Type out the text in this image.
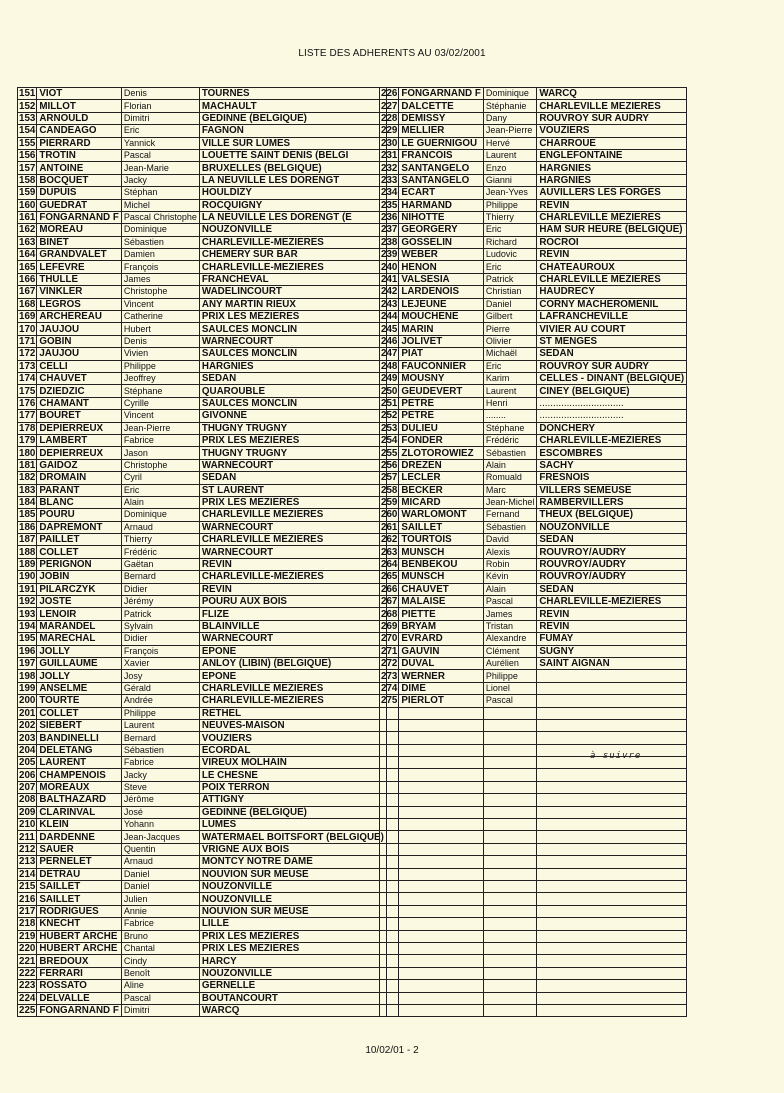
LISTE DES ADHERENTS AU 03/02/2001
151	VIOT	Denis	TOURNES
152	MILLOT	Florian	MACHAULT
153	ARNOULD	Dimitri	GEDINNE (BELGIQUE)
154	CANDEAGO	Eric	FAGNON
155	PIERRARD	Yannick	VILLE SUR LUMES
156	TROTIN	Pascal	LOUETTE SAINT DENIS (BELGI
157	ANTOINE	Jean-Marie	BRUXELLES (BELGIQUE)
158	BOCQUET	Jacky	LA NEUVILLE LES DORENGT
159	DUPUIS	Stéphan	HOULDIZY
160	GUEDRAT	Michel	ROCQUIGNY
161	FONGARNAND F	Pascal Christophe	LA NEUVILLE LES DORENGT (E
162	MOREAU	Dominique	NOUZONVILLE
163	BINET	Sébastien	CHARLEVILLE-MEZIERES
164	GRANDVALET	Damien	CHEMERY SUR BAR
165	LEFEVRE	François	CHARLEVILLE-MEZIERES
166	THULLE	James	FRANCHEVAL
167	VINKLER	Christophe	WADELINCOURT
168	LEGROS	Vincent	ANY MARTIN RIEUX
169	ARCHEREAU	Catherine	PRIX LES MEZIERES
170	JAUJOU	Hubert	SAULCES MONCLIN
171	GOBIN	Denis	WARNECOURT
172	JAUJOU	Vivien	SAULCES MONCLIN
173	CELLI	Philippe	HARGNIES
174	CHAUVET	Jeoffrey	SEDAN
175	DZIEDZIC	Stéphane	QUAROUBLE
176	CHAMANT	Cyrille	SAULCES MONCLIN
177	BOURET	Vincent	GIVONNE
178	DEPIERREUX	Jean-Pierre	THUGNY TRUGNY
179	LAMBERT	Fabrice	PRIX LES MEZIERES
180	DEPIERREUX	Jason	THUGNY TRUGNY
181	GAIDOZ	Christophe	WARNECOURT
182	DROMAIN	Cyril	SEDAN
183	PARANT	Eric	ST LAURENT
184	BLANC	Alain	PRIX LES MEZIERES
185	POURU	Dominique	CHARLEVILLE MEZIERES
186	DAPREMONT	Arnaud	WARNECOURT
187	PAILLET	Thierry	CHARLEVILLE MEZIERES
188	COLLET	Frédéric	WARNECOURT
189	PERIGNON	Gaëtan	REVIN
190	JOBIN	Bernard	CHARLEVILLE-MEZIERES
191	PILARCZYK	Didier	REVIN
192	JOSTE	Jérémy	POURU AUX BOIS
193	LENOIR	Patrick	FLIZE
194	MARANDEL	Sylvain	BLAINVILLE
195	MARECHAL	Didier	WARNECOURT
196	JOLLY	François	EPONE
197	GUILLAUME	Xavier	ANLOY (LIBIN) (BELGIQUE)
198	JOLLY	Josy	EPONE
199	ANSELME	Gérald	CHARLEVILLE MEZIERES
200	TOURTE	Andrée	CHARLEVILLE-MEZIERES
201	COLLET	Philippe	RETHEL
202	SIEBERT	Laurent	NEUVES-MAISON
203	BANDINELLI	Bernard	VOUZIERS
204	DELETANG	Sébastien	ECORDAL
205	LAURENT	Fabrice	VIREUX MOLHAIN
206	CHAMPENOIS	Jacky	LE CHESNE
207	MOREAUX	Steve	POIX TERRON
208	BALTHAZARD	Jérôme	ATTIGNY
209	CLARINVAL	José	GEDINNE (BELGIQUE)
210	KLEIN	Yohann	LUMES
211	DARDENNE	Jean-Jacques	WATERMAEL BOITSFORT (BELGIQUE)
212	SAUER	Quentin	VRIGNE AUX BOIS
213	PERNELET	Arnaud	MONTCY NOTRE DAME
214	DETRAU	Daniel	NOUVION SUR MEUSE
215	SAILLET	Daniel	NOUZONVILLE
216	SAILLET	Julien	NOUZONVILLE
217	RODRIGUES	Annie	NOUVION SUR MEUSE
218	KNECHT	Fabrice	LILLE
219	HUBERT ARCHE	Bruno	PRIX LES MEZIERES
220	HUBERT ARCHE	Chantal	PRIX LES MEZIERES
221	BREDOUX	Cindy	HARCY
222	FERRARI	Benoît	NOUZONVILLE
223	ROSSATO	Aline	GERNELLE
224	DELVALLE	Pascal	BOUTANCOURT
225	FONGARNAND F	Dimitri	WARCQ
226	FONGARNAND F	Dominique	WARCQ
227	DALCETTE	Stéphanie	CHARLEVILLE MEZIERES
228	DEMISSY	Dany	ROUVROY SUR AUDRY
229	MELLIER	Jean-Pierre	VOUZIERS
230	LE GUERNIGOU	Hervé	CHARROUE
231	FRANCOIS	Laurent	ENGLEFONTAINE
232	SANTANGELO	Enzo	HARGNIES
233	SANTANGELO	Gianni	HARGNIES
234	ECART	Jean-Yves	AUVILLERS LES FORGES
235	HARMAND	Philippe	REVIN
236	NIHOTTE	Thierry	CHARLEVILLE MEZIERES
237	GEORGERY	Eric	HAM SUR HEURE (BELGIQUE)
238	GOSSELIN	Richard	ROCROI
239	WEBER	Ludovic	REVIN
240	HENON	Eric	CHATEAUROUX
241	VALSESIA	Patrick	CHARLEVILLE MEZIERES
242	LARDENOIS	Christian	HAUDRECY
243	LEJEUNE	Daniel	CORNY MACHEROMENIL
244	MOUCHENE	Gilbert	LAFRANCHEVILLE
245	MARIN	Pierre	VIVIER AU COURT
246	JOLIVET	Olivier	ST MENGES
247	PIAT	Michaël	SEDAN
248	FAUCONNIER	Eric	ROUVROY SUR AUDRY
249	MOUSNY	Karim	CELLES - DINANT (BELGIQUE)
250	GEUDEVERT	Laurent	CINEY (BELGIQUE)
251	PETRE	Henri	...............................
252	PETRE	........	...............................
253	DULIEU	Stéphane	DONCHERY
254	FONDER	Frédéric	CHARLEVILLE-MEZIERES
255	ZLOTOROWIEZ	Sébastien	ESCOMBRES
256	DREZEN	Alain	SACHY
257	LECLER	Romuald	FRESNOIS
258	BECKER	Marc	VILLERS SEMEUSE
259	MICARD	Jean-Michel	RAMBERVILLERS
260	WARLOMONT	Fernand	THEUX (BELGIQUE)
261	SAILLET	Sébastien	NOUZONVILLE
262	TOURTOIS	David	SEDAN
263	MUNSCH	Alexis	ROUVROY/AUDRY
264	BENBEKOU	Robin	ROUVROY/AUDRY
265	MUNSCH	Kévin	ROUVROY/AUDRY
266	CHAUVET	Alain	SEDAN
267	MALAISE	Pascal	CHARLEVILLE-MEZIERES
268	PIETTE	James	REVIN
269	BRYAM	Tristan	REVIN
270	EVRARD	Alexandre	FUMAY
271	GAUVIN	Clément	SUGNY
272	DUVAL	Aurélien	SAINT AIGNAN
273	WERNER	Philippe	
274	DIME	Lionel	
275	PIERLOT	Pascal	

à suivre
10/02/01 - 2
